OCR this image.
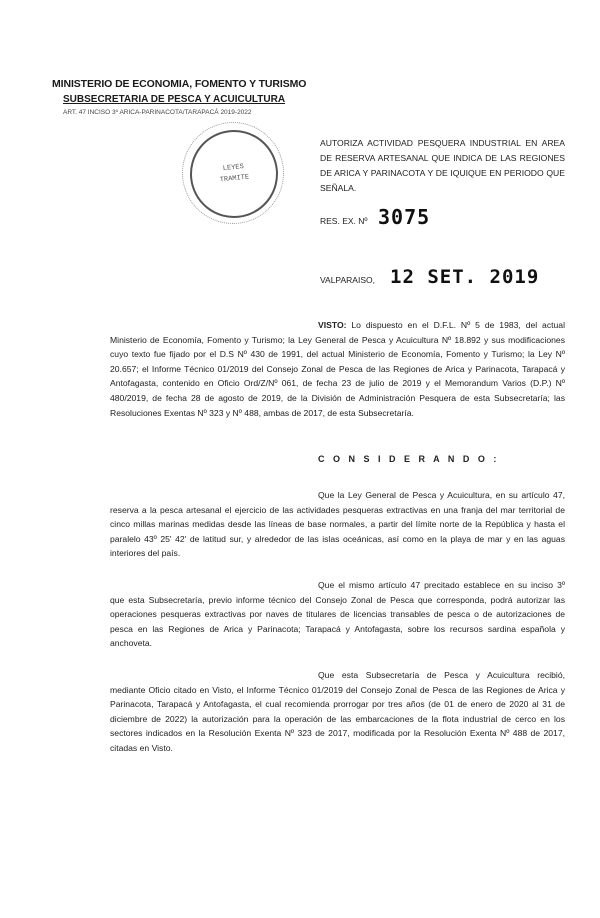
MINISTERIO DE ECONOMIA, FOMENTO Y TURISMO
SUBSECRETARIA DE PESCA Y ACUICULTURA
ART. 47 INCISO 3º ARICA-PARINACOTA/TARAPACÁ 2019-2022
LEYES
TRAMITE
AUTORIZA ACTIVIDAD PESQUERA INDUSTRIAL EN AREA DE RESERVA ARTESANAL QUE INDICA DE LAS REGIONES DE ARICA Y PARINACOTA Y DE IQUIQUE EN PERIODO QUE SEÑALA.
RES. EX. Nº 3075
VALPARAISO, 12 SET. 2019
VISTO: Lo dispuesto en el D.F.L. Nº 5 de 1983, del actual Ministerio de Economía, Fomento y Turismo; la Ley General de Pesca y Acuicultura Nº 18.892 y sus modificaciones cuyo texto fue fijado por el D.S Nº 430 de 1991, del actual Ministerio de Economía, Fomento y Turismo; la Ley Nº 20.657; el Informe Técnico 01/2019 del Consejo Zonal de Pesca de las Regiones de Arica y Parinacota, Tarapacá y Antofagasta, contenido en Oficio Ord/Z/Nº 061, de fecha 23 de julio de 2019 y el Memorandum Varios (D.P.) Nº 480/2019, de fecha 28 de agosto de 2019, de la División de Administración Pesquera de esta Subsecretaría; las Resoluciones Exentas Nº 323 y Nº 488, ambas de 2017, de esta Subsecretaría.
C O N S I D E R A N D O :
Que la Ley General de Pesca y Acuicultura, en su artículo 47, reserva a la pesca artesanal el ejercicio de las actividades pesqueras extractivas en una franja del mar territorial de cinco millas marinas medidas desde las líneas de base normales, a partir del límite norte de la República y hasta el paralelo 43º 25' 42' de latitud sur, y alrededor de las islas oceánicas, así como en la playa de mar y en las aguas interiores del país.
Que el mismo artículo 47 precitado establece en su inciso 3º que esta Subsecretaría, previo informe técnico del Consejo Zonal de Pesca que corresponda, podrá autorizar las operaciones pesqueras extractivas por naves de titulares de licencias transables de pesca o de autorizaciones de pesca en las Regiones de Arica y Parinacota; Tarapacá y Antofagasta, sobre los recursos sardina española y anchoveta.
Que esta Subsecretaría de Pesca y Acuicultura recibió, mediante Oficio citado en Visto, el Informe Técnico 01/2019 del Consejo Zonal de Pesca de las Regiones de Arica y Parinacota, Tarapacá y Antofagasta, el cual recomienda prorrogar por tres años (de 01 de enero de 2020 al 31 de diciembre de 2022) la autorización para la operación de las embarcaciones de la flota industrial de cerco en los sectores indicados en la Resolución Exenta Nº 323 de 2017, modificada por la Resolución Exenta Nº 488 de 2017, citadas en Visto.
